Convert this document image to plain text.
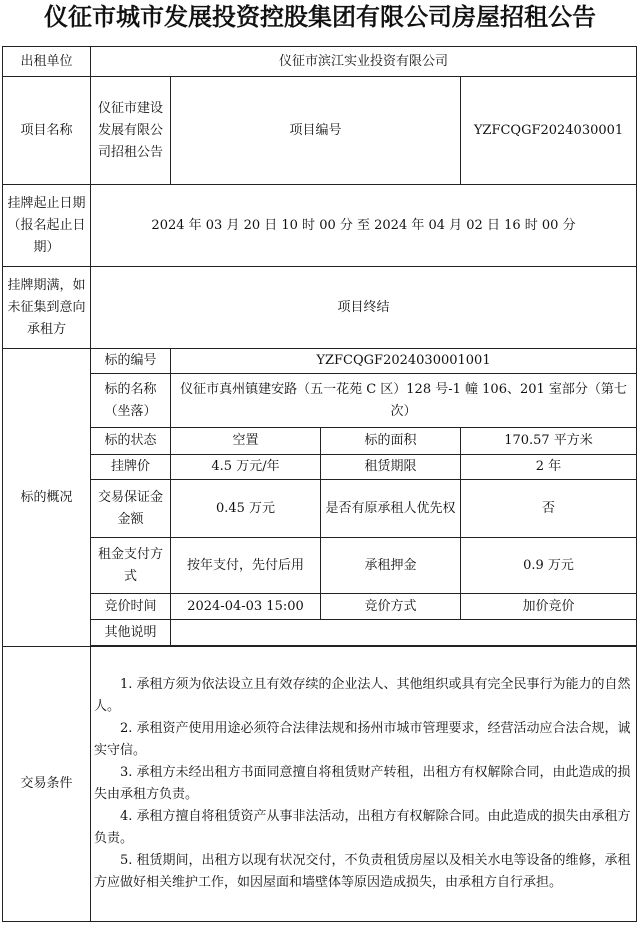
仪征市城市发展投资控股集团有限公司房屋招租公告
出租单位	仪征市滨江实业投资有限公司			
项目名称	仪征市建设发展有限公司招租公告	项目编号		YZFCQGF2024030001
挂牌起止日期（报名起止日期）	2024 年 03 月 20 日 10 时 00 分 至 2024 年 04 月 02 日 16 时 00 分			
挂牌期满，如未征集到意向承租方	项目终结			
标的概况	标的编号	YZFCQGF2024030001001		
	标的名称（坐落）	仪征市真州镇建安路（五一花苑 C 区）128 号-1 幢 106、201 室部分（第七次）		
	标的状态	空置	标的面积	170.57 平方米
	挂牌价	4.5 万元/年	租赁期限	2 年
	交易保证金金额	0.45 万元	是否有原承租人优先权	否
	租金支付方式	按年支付，先付后用	承租押金	0.9 万元
	竞价时间	2024-04-03 15:00	竞价方式	加价竞价
	其他说明			

交易条件	1. 承租方须为依法设立且有效存续的企业法人、其他组织或具有完全民事行为能力的自然人。

2. 承租资产使用用途必须符合法律法规和扬州市城市管理要求，经营活动应合法合规，诚实守信。

3. 承租方未经出租方书面同意擅自将租赁财产转租，出租方有权解除合同，由此造成的损失由承租方负责。

4. 承租方擅自将租赁资产从事非法活动，出租方有权解除合同。由此造成的损失由承租方负责。

5. 租赁期间，出租方以现有状况交付，不负责租赁房屋以及相关水电等设备的维修，承租方应做好相关维护工作，如因屋面和墙壁体等原因造成损失，由承租方自行承担。			
